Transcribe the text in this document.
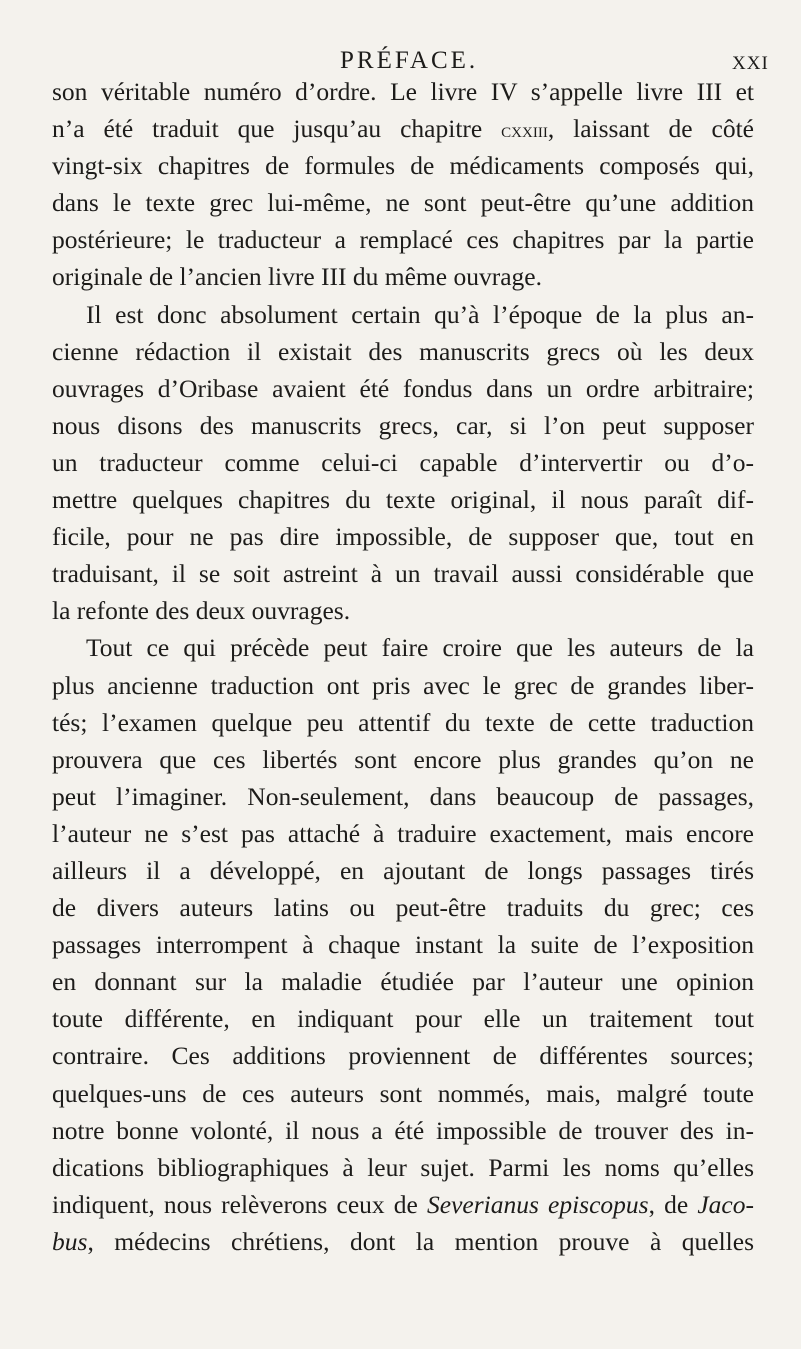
PRÉFACE.	XXI
son véritable numéro d’ordre. Le livre IV s’appelle livre III et
n’a été traduit que jusqu’au chapitre cxxiii, laissant de côté
vingt-six chapitres de formules de médicaments composés qui,
dans le texte grec lui-même, ne sont peut-être qu’une addition
postérieure; le traducteur a remplacé ces chapitres par la partie
originale de l’ancien livre III du même ouvrage.
Il est donc absolument certain qu’à l’époque de la plus an-
cienne rédaction il existait des manuscrits grecs où les deux
ouvrages d’Oribase avaient été fondus dans un ordre arbitraire;
nous disons des manuscrits grecs, car, si l’on peut supposer
un traducteur comme celui-ci capable d’intervertir ou d’o-
mettre quelques chapitres du texte original, il nous paraît dif-
ficile, pour ne pas dire impossible, de supposer que, tout en
traduisant, il se soit astreint à un travail aussi considérable que
la refonte des deux ouvrages.
Tout ce qui précède peut faire croire que les auteurs de la
plus ancienne traduction ont pris avec le grec de grandes liber-
tés; l’examen quelque peu attentif du texte de cette traduction
prouvera que ces libertés sont encore plus grandes qu’on ne
peut l’imaginer. Non-seulement, dans beaucoup de passages,
l’auteur ne s’est pas attaché à traduire exactement, mais encore
ailleurs il a développé, en ajoutant de longs passages tirés
de divers auteurs latins ou peut-être traduits du grec; ces
passages interrompent à chaque instant la suite de l’exposition
en donnant sur la maladie étudiée par l’auteur une opinion
toute différente, en indiquant pour elle un traitement tout
contraire. Ces additions proviennent de différentes sources;
quelques-uns de ces auteurs sont nommés, mais, malgré toute
notre bonne volonté, il nous a été impossible de trouver des in-
dications bibliographiques à leur sujet. Parmi les noms qu’elles
indiquent, nous relèverons ceux de Severianus episcopus, de Jaco-
bus, médecins chrétiens, dont la mention prouve à quelles
